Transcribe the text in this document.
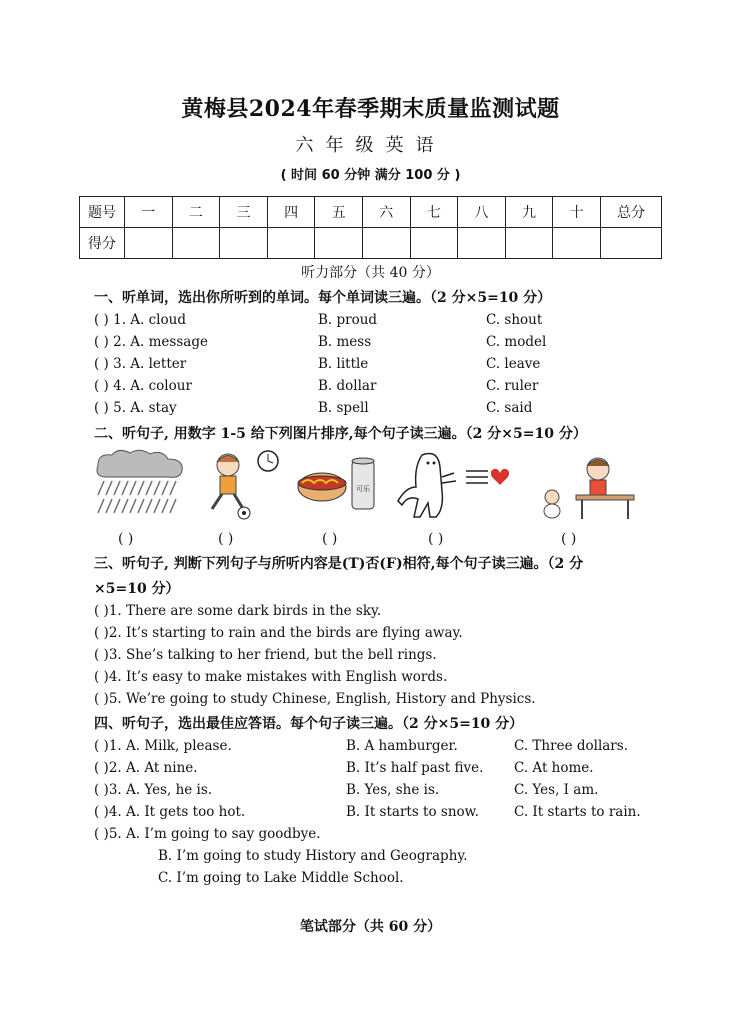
黄梅县2024年春季期末质量监测试题
六年级英语
( 时间 60 分钟 满分 100 分 )
题号	一	二	三	四	五	六	七	八	九	十	总分
得分											
听力部分（共 40 分）
一、听单词，选出你所听到的单词。每个单词读三遍。（2 分×5=10 分）
( ) 1. A. cloud	B. proud	C. shout
( ) 2. A. message	B. mess	C. model
( ) 3. A. letter	B. little	C. leave
( ) 4. A. colour	B. dollar	C. ruler
( ) 5. A. stay	B. spell	C. said
二、听句子, 用数字 1-5 给下列图片排序,每个句子读三遍。（2 分×5=10 分）
可乐
( )	( )	( )	( )	( )
三、听句子, 判断下列句子与所听内容是(T)否(F)相符,每个句子读三遍。（2 分
×5=10 分）
( )1. There are some dark birds in the sky.
( )2. It’s starting to rain and the birds are flying away.
( )3. She’s talking to her friend, but the bell rings.
( )4. It’s easy to make mistakes with English words.
( )5. We’re going to study Chinese, English, History and Physics.
四、听句子，选出最佳应答语。每个句子读三遍。（2 分×5=10 分）
( )1. A. Milk, please.	B. A hamburger.	C. Three dollars.
( )2. A. At nine.	B. It’s half past five. C. At home.
( )3. A. Yes, he is.	B. Yes, she is.	C. Yes, I am.
( )4. A. It gets too hot.	B. It starts to snow.	C. It starts to rain.
( )5. A. I’m going to say goodbye.
B. I’m going to study History and Geography.
C. I’m going to Lake Middle School.
笔试部分（共 60 分）
